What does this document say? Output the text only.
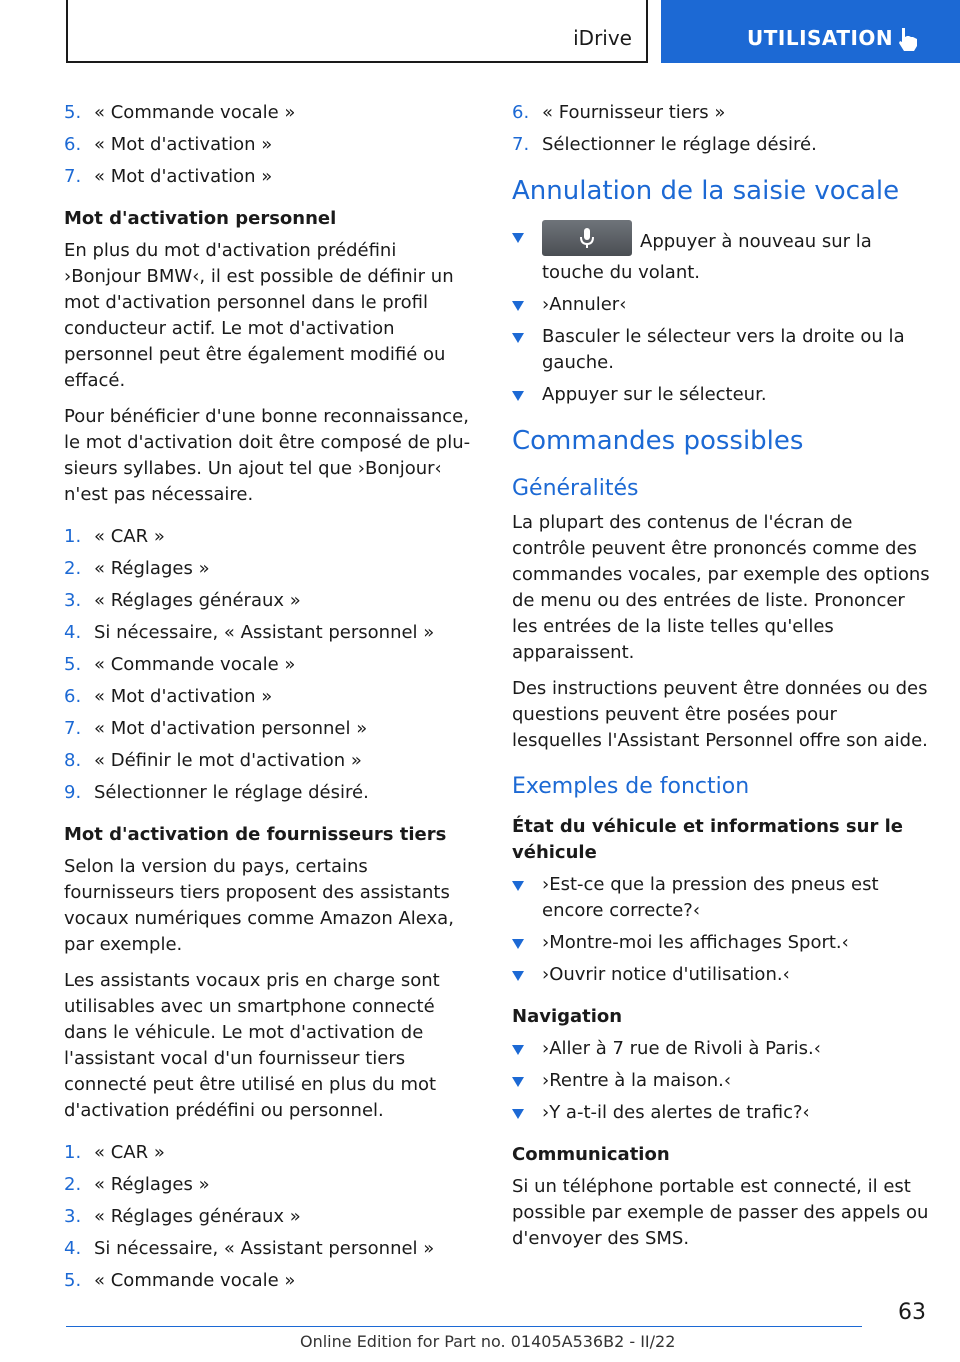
iDrive	UTILISATION
5. « Commande vocale »
6. « Mot d'activation »
7. « Mot d'activation »
Mot d'activation personnel

En plus du mot d'activation prédéfini ›Bonjour BMW‹, il est possible de définir un mot d'activation personnel dans le profil conducteur actif. Le mot d'activation personnel peut être également modifié ou effacé.

Pour bénéficier d'une bonne reconnaissance, le mot d'activation doit être composé de plusieurs syllabes. Un ajout tel que ›Bonjour‹ n'est pas nécessaire.

1. « CAR »
2. « Réglages »
3. « Réglages généraux »
4. Si nécessaire, « Assistant personnel »
5. « Commande vocale »
6. « Mot d'activation »
7. « Mot d'activation personnel »
8. « Définir le mot d'activation »
9. Sélectionner le réglage désiré.
Mot d'activation de fournisseurs tiers

Selon la version du pays, certains fournisseurs tiers proposent des assistants vocaux numériques comme Amazon Alexa, par exemple.

Les assistants vocaux pris en charge sont utilisables avec un smartphone connecté dans le véhicule. Le mot d'activation de l'assistant vocal d'un fournisseur tiers connecté peut être utilisé en plus du mot d'activation prédéfini ou personnel.

1. « CAR »
2. « Réglages »
3. « Réglages généraux »
4. Si nécessaire, « Assistant personnel »
5. « Commande vocale »
6. « Fournisseur tiers »
7. Sélectionner le réglage désiré.
Annulation de la saisie vocale
Appuyer à nouveau sur la touche du volant.
›Annuler‹
Basculer le sélecteur vers la droite ou la gauche.
Appuyer sur le sélecteur.
Commandes possibles
Généralités

La plupart des contenus de l'écran de contrôle peuvent être prononcés comme des commandes vocales, par exemple des options de menu ou des entrées de liste. Prononcer les entrées de la liste telles qu'elles apparaissent.

Des instructions peuvent être données ou des questions peuvent être posées pour lesquelles l'Assistant Personnel offre son aide.

Exemples de fonction
État du véhicule et informations sur le véhicule
›Est-ce que la pression des pneus est encore correcte?‹
›Montre-moi les affichages Sport.‹
›Ouvrir notice d'utilisation.‹
Navigation
›Aller à 7 rue de Rivoli à Paris.‹
›Rentre à la maison.‹
›Y a-t-il des alertes de trafic?‹
Communication

Si un téléphone portable est connecté, il est possible par exemple de passer des appels ou d'envoyer des SMS.

63
Online Edition for Part no. 01405A536B2 - II/22
